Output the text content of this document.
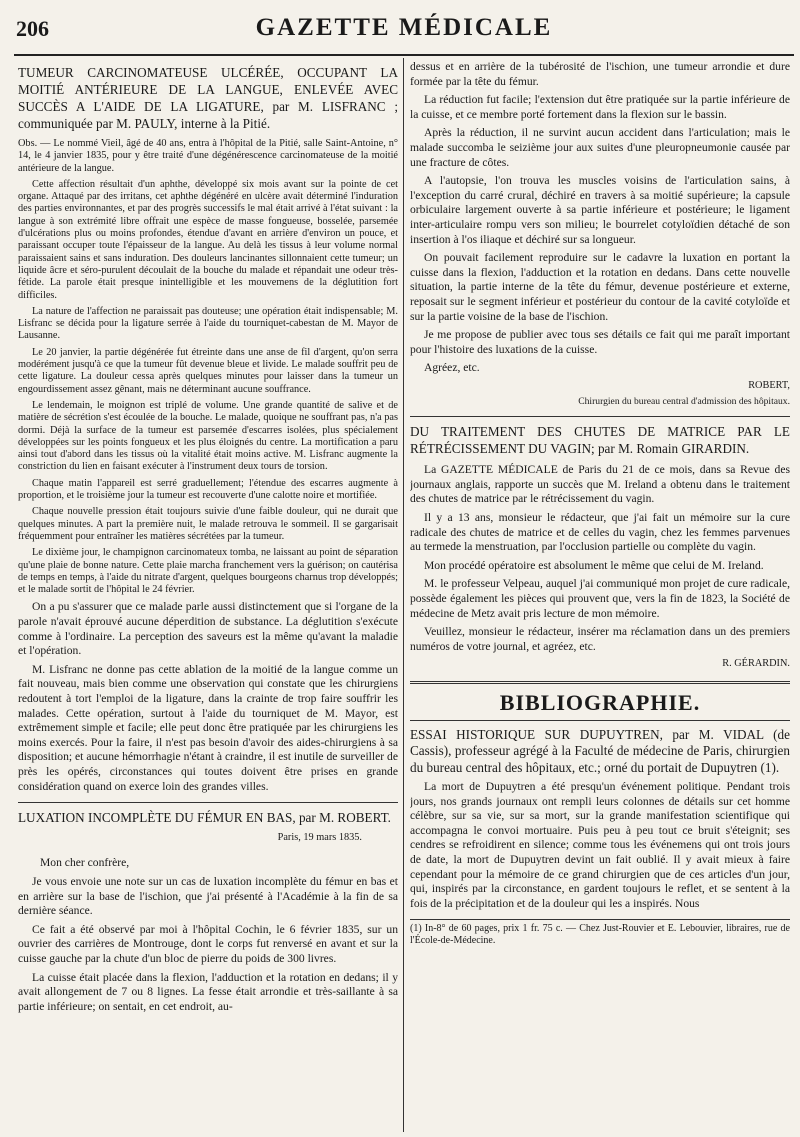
206	GAZETTE MÉDICALE
TUMEUR CARCINOMATEUSE ULCÉRÉE, OCCUPANT LA MOITIÉ ANTÉRIEURE DE LA LANGUE, ENLEVÉE AVEC SUCCÈS A L'AIDE DE LA LIGATURE, par M. LISFRANC ; communiquée par M. PAULY, interne à la Pitié.

Obs. — Le nommé Vieil, âgé de 40 ans, entra à l'hôpital de la Pitié, salle Saint-Antoine, n° 14, le 4 janvier 1835, pour y être traité d'une dégénérescence carcinomateuse de la moitié antérieure de la langue.

Cette affection résultait d'un aphthe, développé six mois avant sur la pointe de cet organe. Attaqué par des irritans, cet aphthe dégénéré en ulcère avait déterminé l'induration des parties environnantes, et par des progrès successifs le mal était arrivé à l'état suivant : la langue à son extrémité libre offrait une espèce de masse fongueuse, bosselée, parsemée d'ulcérations plus ou moins profondes, étendue d'avant en arrière d'environ un pouce, et paraissant occuper toute l'épaisseur de la langue. Au delà les tissus à leur volume normal paraissaient sains et sans induration. Des douleurs lancinantes sillonnaient cette tumeur; un liquide âcre et séro-purulent découlait de la bouche du malade et répandait une odeur très-fétide. La parole était presque inintelligible et les mouvemens de la déglutition fort difficiles.

La nature de l'affection ne paraissait pas douteuse; une opération était indispensable; M. Lisfranc se décida pour la ligature serrée à l'aide du tourniquet-cabestan de M. Mayor de Lausanne.

Le 20 janvier, la partie dégénérée fut étreinte dans une anse de fil d'argent, qu'on serra modérément jusqu'à ce que la tumeur fût devenue bleue et livide. Le malade souffrit peu de cette ligature. La douleur cessa après quelques minutes pour laisser dans la tumeur un engourdissement assez gênant, mais ne déterminant aucune souffrance.

Le lendemain, le moignon est triplé de volume. Une grande quantité de salive et de matière de sécrétion s'est écoulée de la bouche. Le malade, quoique ne souffrant pas, n'a pas dormi. Déjà la surface de la tumeur est parsemée d'escarres isolées, plus spécialement développées sur les points fongueux et les plus éloignés du centre. La mortification a paru ainsi tout d'abord dans les tissus où la vitalité était moins active. M. Lisfranc augmente la constriction du lien en faisant exécuter à l'instrument deux tours de torsion.

Chaque matin l'appareil est serré graduellement; l'étendue des escarres augmente à proportion, et le troisième jour la tumeur est recouverte d'une calotte noire et mortifiée.

Chaque nouvelle pression était toujours suivie d'une faible douleur, qui ne durait que quelques minutes. A part la première nuit, le malade retrouva le sommeil. Il se gargarisait fréquemment pour entraîner les matières sécrétées par la tumeur.

Le dixième jour, le champignon carcinomateux tomba, ne laissant au point de séparation qu'une plaie de bonne nature. Cette plaie marcha franchement vers la guérison; on cautérisa de temps en temps, à l'aide du nitrate d'argent, quelques bourgeons charnus trop développés; et le malade sortit de l'hôpital le 24 février.

On a pu s'assurer que ce malade parle aussi distinctement que si l'organe de la parole n'avait éprouvé aucune déperdition de substance. La déglutition s'exécute comme à l'ordinaire. La perception des saveurs est la même qu'avant la maladie et l'opération.

M. Lisfranc ne donne pas cette ablation de la moitié de la langue comme un fait nouveau, mais bien comme une observation qui constate que les chirurgiens redoutent à tort l'emploi de la ligature, dans la crainte de trop faire souffrir les malades. Cette opération, surtout à l'aide du tourniquet de M. Mayor, est extrêmement simple et facile; elle peut donc être pratiquée par les chirurgiens les moins exercés. Pour la faire, il n'est pas besoin d'avoir des aides-chirurgiens à sa disposition; et aucune hémorrhagie n'étant à craindre, il est inutile de surveiller de près les opérés, circonstances qui toutes doivent être prises en grande considération quand on exerce loin des grandes villes.

LUXATION INCOMPLÈTE DU FÉMUR EN BAS, par M. ROBERT.

Paris, 19 mars 1835.

Mon cher confrère,

Je vous envoie une note sur un cas de luxation incomplète du fémur en bas et en arrière sur la base de l'ischion, que j'ai présenté à l'Académie à la fin de sa dernière séance.

Ce fait a été observé par moi à l'hôpital Cochin, le 6 février 1835, sur un ouvrier des carrières de Montrouge, dont le corps fut renversé en avant et sur la cuisse gauche par la chute d'un bloc de pierre du poids de 300 livres.

La cuisse était placée dans la flexion, l'adduction et la rotation en dedans; il y avait allongement de 7 ou 8 lignes. La fesse était arrondie et très-saillante à sa partie inférieure; on sentait, en cet endroit, au-

dessus et en arrière de la tubérosité de l'ischion, une tumeur arrondie et dure formée par la tête du fémur.

La réduction fut facile; l'extension dut être pratiquée sur la partie inférieure de la cuisse, et ce membre porté fortement dans la flexion sur le bassin.

Après la réduction, il ne survint aucun accident dans l'articulation; mais le malade succomba le seizième jour aux suites d'une pleuropneumonie causée par une fracture de côtes.

A l'autopsie, l'on trouva les muscles voisins de l'articulation sains, à l'exception du carré crural, déchiré en travers à sa moitié supérieure; la capsule orbiculaire largement ouverte à sa partie inférieure et postérieure; le ligament inter-articulaire rompu vers son milieu; le bourrelet cotyloïdien détaché de son insertion à l'os iliaque et déchiré sur sa longueur.

On pouvait facilement reproduire sur le cadavre la luxation en portant la cuisse dans la flexion, l'adduction et la rotation en dedans. Dans cette nouvelle situation, la partie interne de la tête du fémur, devenue postérieure et externe, reposait sur le segment inférieur et postérieur du contour de la cavité cotyloïde et sur la partie voisine de la base de l'ischion.

Je me propose de publier avec tous ses détails ce fait qui me paraît important pour l'histoire des luxations de la cuisse.

Agréez, etc.

ROBERT,

Chirurgien du bureau central d'admission des hôpitaux.

DU TRAITEMENT DES CHUTES DE MATRICE PAR LE RÉTRÉCISSEMENT DU VAGIN; par M. Romain GIRARDIN.

La GAZETTE MÉDICALE de Paris du 21 de ce mois, dans sa Revue des journaux anglais, rapporte un succès que M. Ireland a obtenu dans le traitement des chutes de matrice par le rétrécissement du vagin.

Il y a 13 ans, monsieur le rédacteur, que j'ai fait un mémoire sur la cure radicale des chutes de matrice et de celles du vagin, chez les femmes parvenues au termede la menstruation, par l'occlusion partielle ou complète du vagin.

Mon procédé opératoire est absolument le même que celui de M. Ireland.

M. le professeur Velpeau, auquel j'ai communiqué mon projet de cure radicale, possède également les pièces qui prouvent que, vers la fin de 1823, la Société de médecine de Metz avait pris lecture de mon mémoire.

Veuillez, monsieur le rédacteur, insérer ma réclamation dans un des premiers numéros de votre journal, et agréez, etc.

R. GÉRARDIN.

BIBLIOGRAPHIE.

ESSAI HISTORIQUE SUR DUPUYTREN, par M. VIDAL (de Cassis), professeur agrégé à la Faculté de médecine de Paris, chirurgien du bureau central des hôpitaux, etc.; orné du portait de Dupuytren (1).

La mort de Dupuytren a été presqu'un événement politique. Pendant trois jours, nos grands journaux ont rempli leurs colonnes de détails sur cet homme célèbre, sur sa vie, sur sa mort, sur la grande manifestation scientifique qui accompagna le convoi mortuaire. Puis peu à peu tout ce bruit s'éteignit; ses cendres se refroidirent en silence; comme tous les événemens qui ont trois jours de date, la mort de Dupuytren devint un fait oublié. Il y avait mieux à faire cependant pour la mémoire de ce grand chirurgien que de ces articles d'un jour, qui, inspirés par la circonstance, en gardent toujours le reflet, et se sentent à la fois de la précipitation et de la douleur qui les a inspirés. Nous

(1) In-8° de 60 pages, prix 1 fr. 75 c. — Chez Just-Rouvier et E. Lebouvier, libraires, rue de l'École-de-Médecine.
